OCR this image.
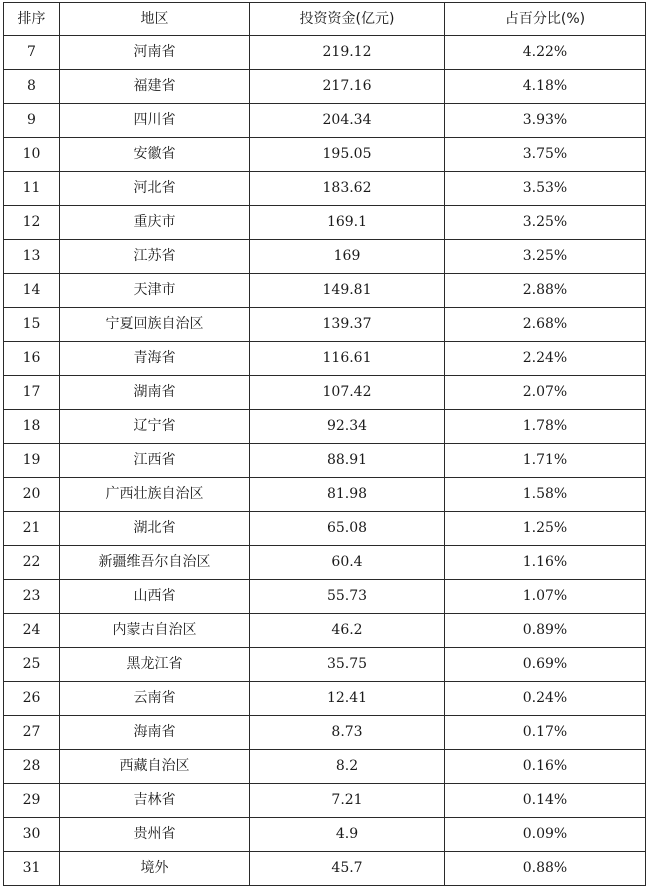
排序	地区	投资资金(亿元)	占百分比(%)
7	河南省	219.12	4.22%
8	福建省	217.16	4.18%
9	四川省	204.34	3.93%
10	安徽省	195.05	3.75%
11	河北省	183.62	3.53%
12	重庆市	169.1	3.25%
13	江苏省	169	3.25%
14	天津市	149.81	2.88%
15	宁夏回族自治区	139.37	2.68%
16	青海省	116.61	2.24%
17	湖南省	107.42	2.07%
18	辽宁省	92.34	1.78%
19	江西省	88.91	1.71%
20	广西壮族自治区	81.98	1.58%
21	湖北省	65.08	1.25%
22	新疆维吾尔自治区	60.4	1.16%
23	山西省	55.73	1.07%
24	内蒙古自治区	46.2	0.89%
25	黑龙江省	35.75	0.69%
26	云南省	12.41	0.24%
27	海南省	8.73	0.17%
28	西藏自治区	8.2	0.16%
29	吉林省	7.21	0.14%
30	贵州省	4.9	0.09%
31	境外	45.7	0.88%
